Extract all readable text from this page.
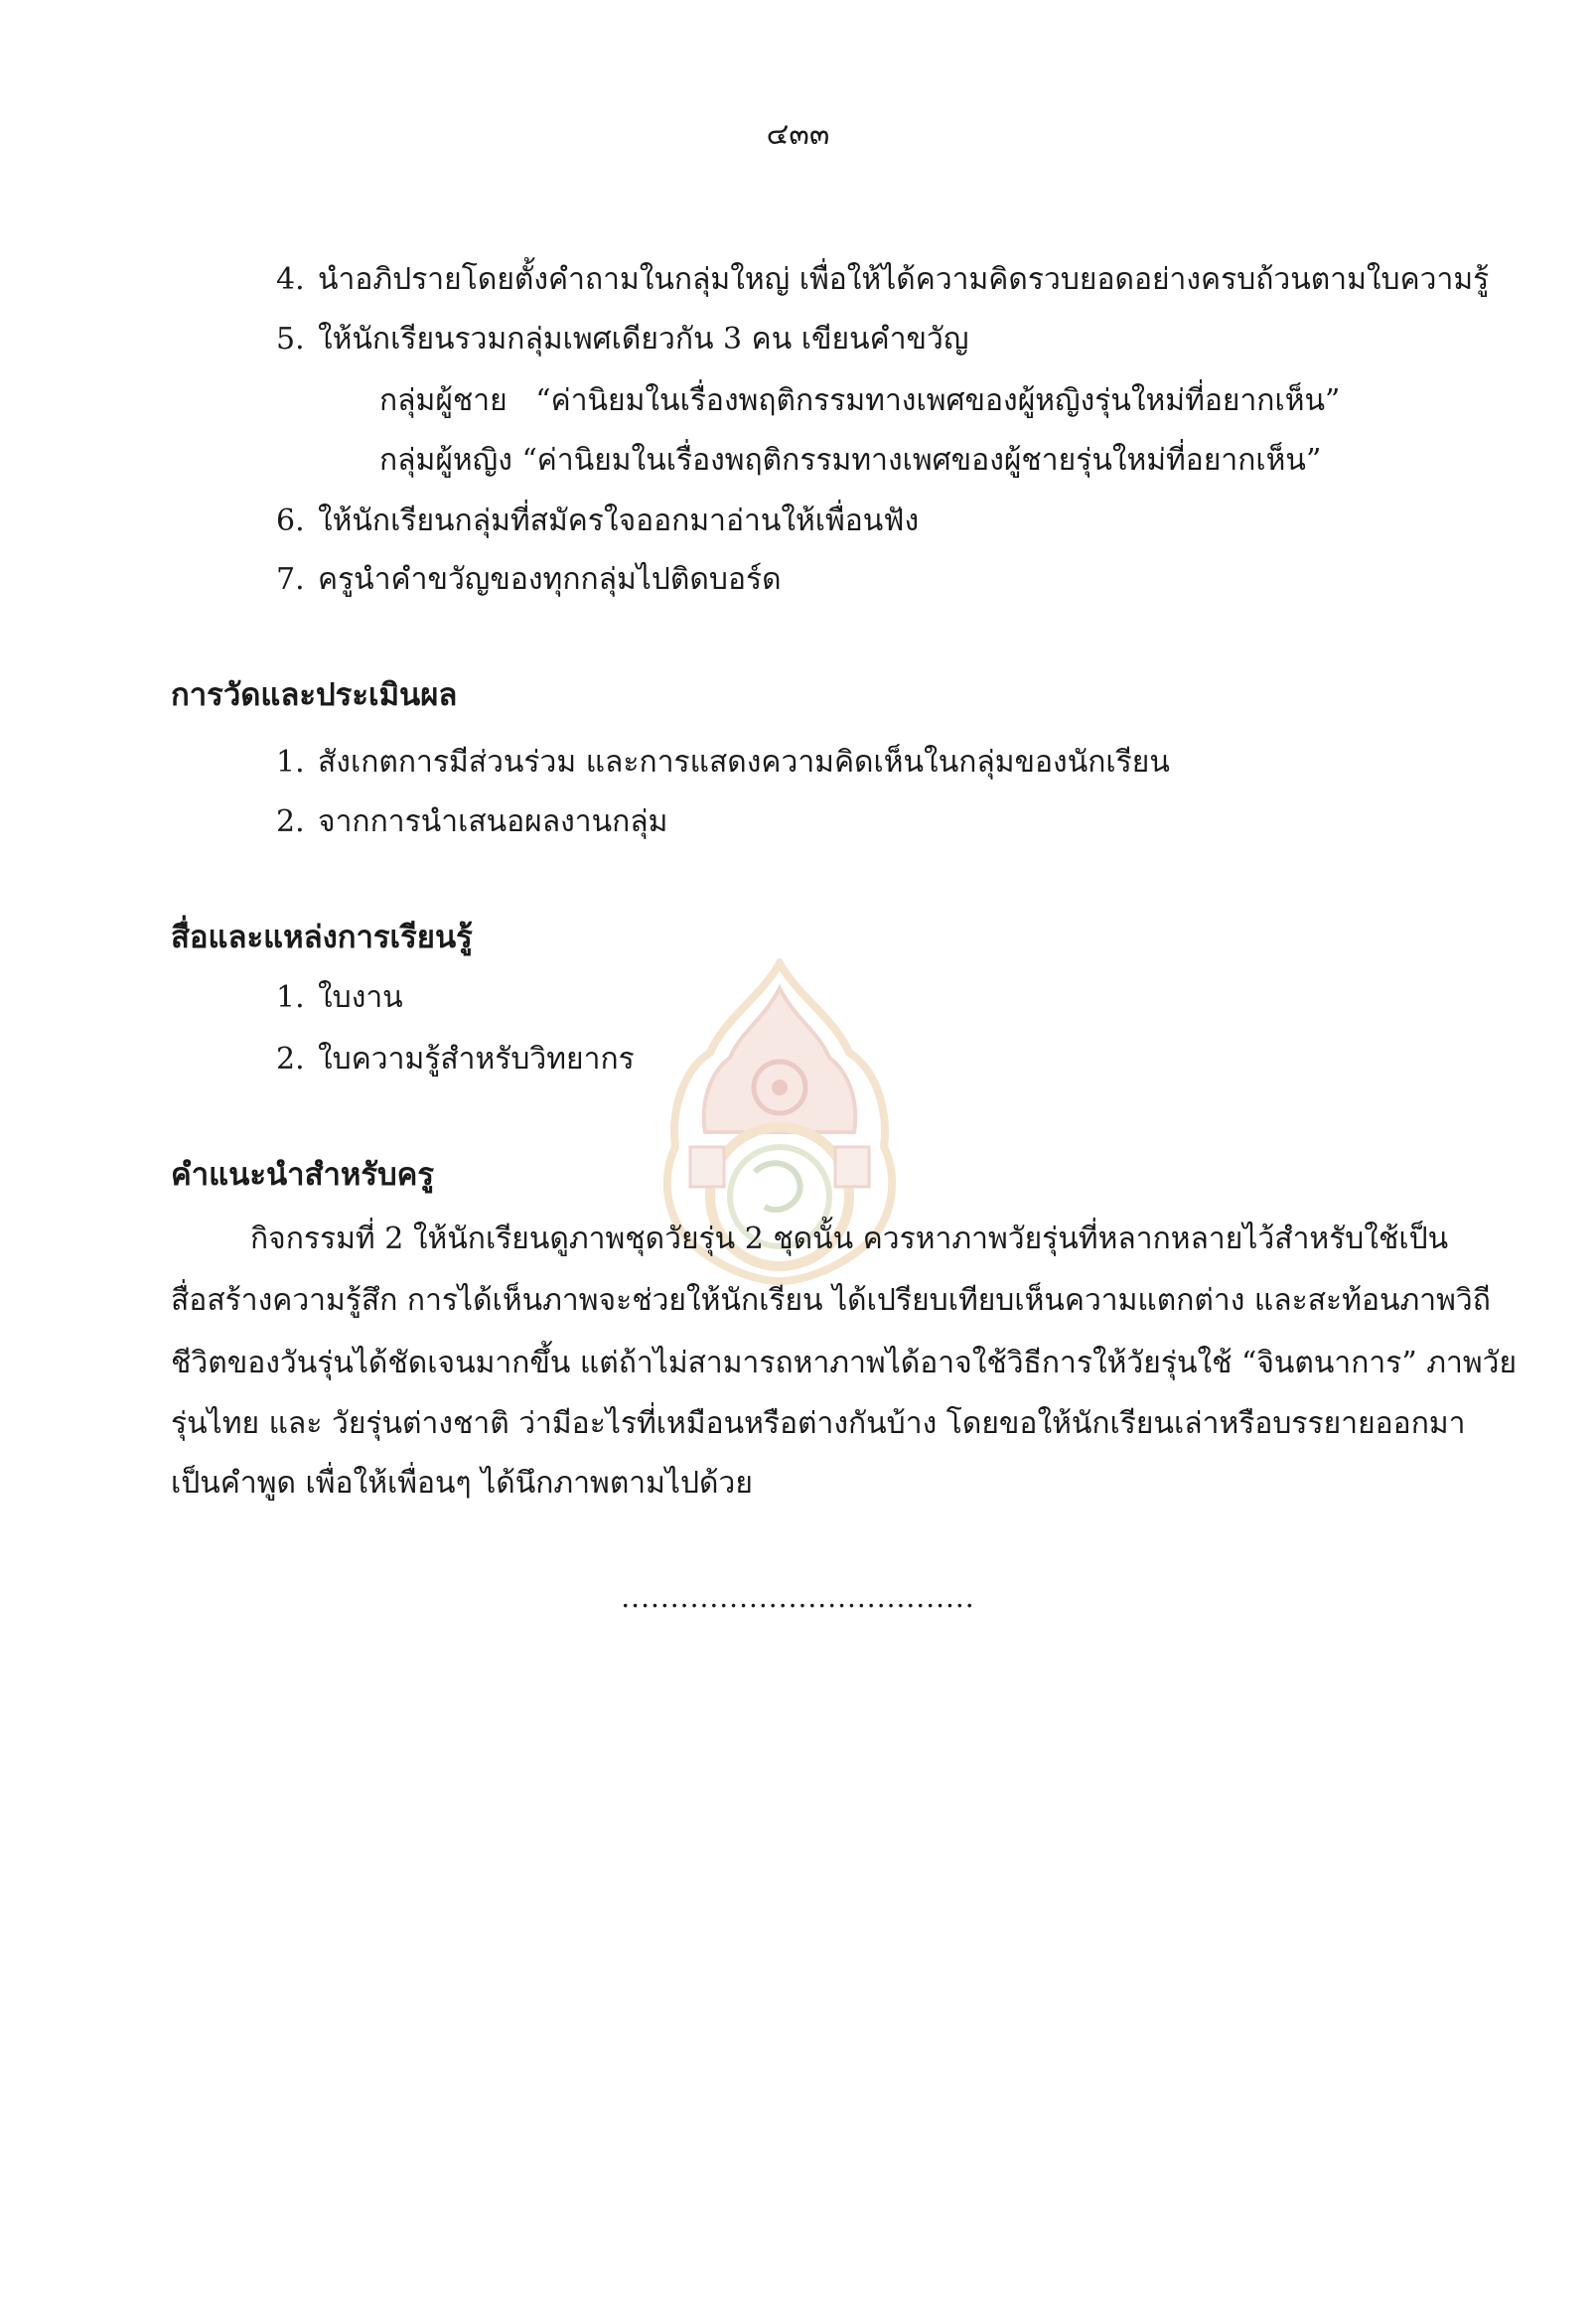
๔๓๓
4. นำอภิปรายโดยตั้งคำถามในกลุ่มใหญ่ เพื่อให้ได้ความคิดรวบยอดอย่างครบถ้วนตามใบความรู้
5. ให้นักเรียนรวมกลุ่มเพศเดียวกัน 3 คน เขียนคำขวัญ
กลุ่มผู้ชาย “ค่านิยมในเรื่องพฤติกรรมทางเพศของผู้หญิงรุ่นใหม่ที่อยากเห็น”
กลุ่มผู้หญิง “ค่านิยมในเรื่องพฤติกรรมทางเพศของผู้ชายรุ่นใหม่ที่อยากเห็น”
6. ให้นักเรียนกลุ่มที่สมัครใจออกมาอ่านให้เพื่อนฟัง
7. ครูนำคำขวัญของทุกกลุ่มไปติดบอร์ด
การวัดและประเมินผล
1. สังเกตการมีส่วนร่วม และการแสดงความคิดเห็นในกลุ่มของนักเรียน
2. จากการนำเสนอผลงานกลุ่ม
สื่อและแหล่งการเรียนรู้
1. ใบงาน
2. ใบความรู้สำหรับวิทยากร
คำแนะนำสำหรับครู
กิจกรรมที่ 2 ให้นักเรียนดูภาพชุดวัยรุ่น 2 ชุดนั้น ควรหาภาพวัยรุ่นที่หลากหลายไว้สำหรับใช้เป็น
สื่อสร้างความรู้สึก การได้เห็นภาพจะช่วยให้นักเรียน ได้เปรียบเทียบเห็นความแตกต่าง และสะท้อนภาพวิถี
ชีวิตของวันรุ่นได้ชัดเจนมากขึ้น แต่ถ้าไม่สามารถหาภาพได้อาจใช้วิธีการให้วัยรุ่นใช้ “จินตนาการ” ภาพวัย
รุ่นไทย และ วัยรุ่นต่างชาติ ว่ามีอะไรที่เหมือนหรือต่างกันบ้าง โดยขอให้นักเรียนเล่าหรือบรรยายออกมา
เป็นคำพูด เพื่อให้เพื่อนๆ ได้นึกภาพตามไปด้วย
....................................
